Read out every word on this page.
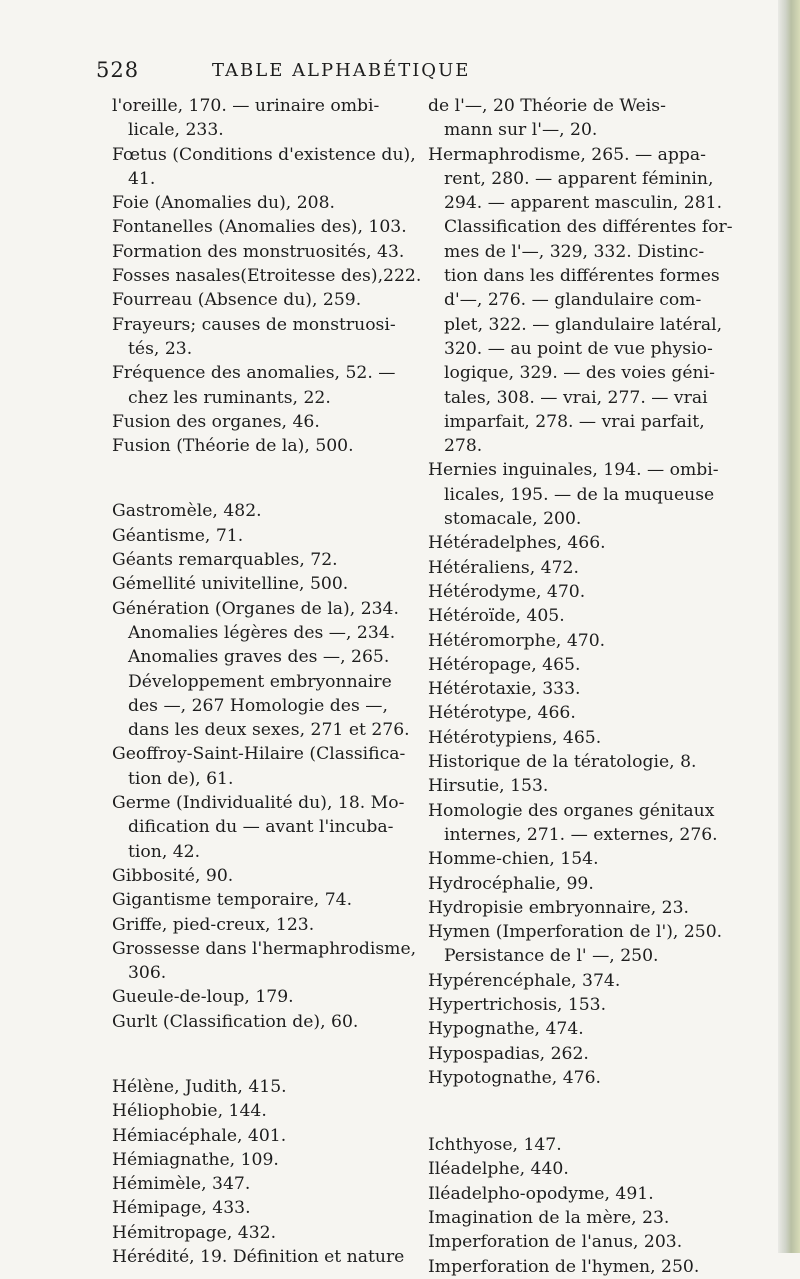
528	TABLE ALPHABÉTIQUE
l'oreille, 170. — urinaire ombi-
licale, 233.
Fœtus (Conditions d'existence du),
41.
Foie (Anomalies du), 208.
Fontanelles (Anomalies des), 103.
Formation des monstruosités, 43.
Fosses nasales(Etroitesse des),222.
Fourreau (Absence du), 259.
Frayeurs; causes de monstruosi-
tés, 23.
Fréquence des anomalies, 52. —
chez les ruminants, 22.
Fusion des organes, 46.
Fusion (Théorie de la), 500.
Gastromèle, 482.
Géantisme, 71.
Géants remarquables, 72.
Gémellité univitelline, 500.
Génération (Organes de la), 234.
Anomalies légères des —, 234.
Anomalies graves des —, 265.
Développement embryonnaire
des —, 267 Homologie des —,
dans les deux sexes, 271 et 276.
Geoffroy-Saint-Hilaire (Classifica-
tion de), 61.
Germe (Individualité du), 18. Mo-
dification du — avant l'incuba-
tion, 42.
Gibbosité, 90.
Gigantisme temporaire, 74.
Griffe, pied-creux, 123.
Grossesse dans l'hermaphrodisme,
306.
Gueule-de-loup, 179.
Gurlt (Classification de), 60.
Hélène, Judith, 415.
Héliophobie, 144.
Hémiacéphale, 401.
Hémiagnathe, 109.
Hémimèle, 347.
Hémipage, 433.
Hémitropage, 432.
Hérédité, 19. Définition et nature
de l'—, 20 Théorie de Weis-
mann sur l'—, 20.
Hermaphrodisme, 265. — appa-
rent, 280. — apparent féminin,
294. — apparent masculin, 281.
Classification des différentes for-
mes de l'—, 329, 332. Distinc-
tion dans les différentes formes
d'—, 276. — glandulaire com-
plet, 322. — glandulaire latéral,
320. — au point de vue physio-
logique, 329. — des voies géni-
tales, 308. — vrai, 277. — vrai
imparfait, 278. — vrai parfait,
278.
Hernies inguinales, 194. — ombi-
licales, 195. — de la muqueuse
stomacale, 200.
Hétéradelphes, 466.
Hétéraliens, 472.
Hétérodyme, 470.
Hétéroïde, 405.
Hétéromorphe, 470.
Hétéropage, 465.
Hétérotaxie, 333.
Hétérotype, 466.
Hétérotypiens, 465.
Historique de la tératologie, 8.
Hirsutie, 153.
Homologie des organes génitaux
internes, 271. — externes, 276.
Homme-chien, 154.
Hydrocéphalie, 99.
Hydropisie embryonnaire, 23.
Hymen (Imperforation de l'), 250.
Persistance de l' —, 250.
Hypérencéphale, 374.
Hypertrichosis, 153.
Hypognathe, 474.
Hypospadias, 262.
Hypotognathe, 476.
Ichthyose, 147.
Iléadelphe, 440.
Iléadelpho-opodyme, 491.
Imagination de la mère, 23.
Imperforation de l'anus, 203.
Imperforation de l'hymen, 250.
